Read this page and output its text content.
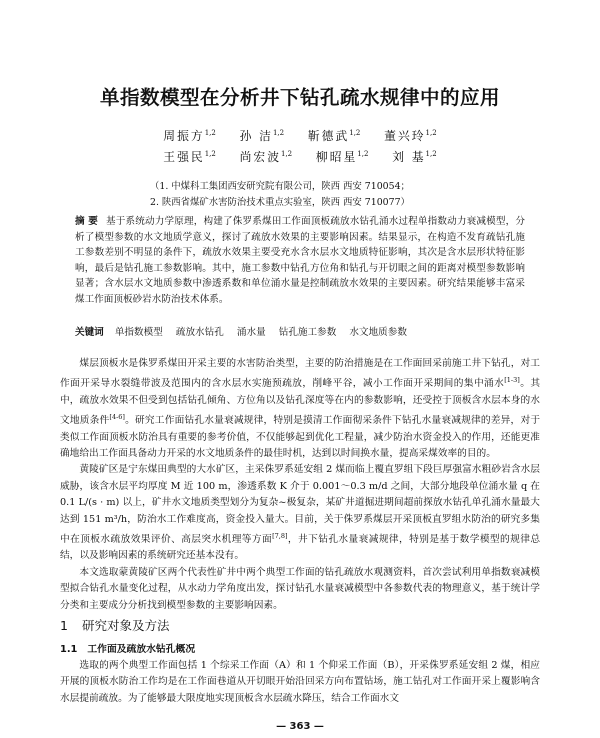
单指数模型在分析井下钻孔疏水规律中的应用
周振方$^{1,2}$ 孙 洁$^{1,2}$ 靳德武$^{1,2}$ 董兴玲$^{1,2}$
王强民$^{1,2}$ 尚宏波$^{1,2}$ 柳昭星$^{1,2}$ 刘 基$^{1,2}$
（1. 中煤科工集团西安研究院有限公司，陕西 西安 710054；
2. 陕西省煤矿水害防治技术重点实验室，陕西 西安 710077）
摘 要 基于系统动力学原理，构建了侏罗系煤田工作面顶板疏放水钻孔涌水过程单指数动力衰减模型，分析了模型参数的水文地质学意义，探讨了疏放水效果的主要影响因素。结果显示，在构造不发育疏钻孔施工参数差别不明显的条件下，疏放水效果主要受充水含水层水文地质特征影响，其次是含水层形状特征影响，最后是钻孔施工参数影响。其中，施工参数中钻孔方位角和钻孔与开切眼之间的距离对模型参数影响显著；含水层水文地质参数中渗透系数和单位涌水量是控制疏放水效果的主要因素。研究结果能够丰富采煤工作面顶板砂岩水防治技术体系。
关键词 单指数模型 疏放水钻孔 涌水量 钻孔施工参数 水文地质参数

煤层顶板水是侏罗系煤田开采主要的水害防治类型，主要的防治措施是在工作面回采前施工井下钻孔，对工作面开采导水裂缝带波及范围内的含水层水实施预疏放，削峰平谷，减小工作面开采期间的集中涌水[1-3]。其中，疏放水效果不但受到包括钻孔倾角、方位角以及钻孔深度等在内的参数影响，还受控于顶板含水层本身的水文地质条件[4-6]。研究工作面钻孔水量衰减规律，特别是摸清工作面彻采条件下钻孔水量衰减规律的差异，对于类似工作面顶板水防治具有重要的参考价值，不仅能够起到优化工程量，减少防治水资金投入的作用，还能更准确地给出工作面具备动力开采的水文地质条件的最佳时机，达到以时间换水量，提高采煤效率的目的。

黄陵矿区是宁东煤田典型的大水矿区，主采侏罗系延安组 2 煤而临上覆直罗组下段巨厚强富水粗砂岩含水层威胁，该含水层平均厚度 M 近 100 m，渗透系数 K 介于 0.001～0.3 m/d 之间，大部分地段单位涌水量 q 在 0.1 L/(s · m) 以上，矿井水文地质类型划分为复杂~极复杂，某矿井道掘进期间超前探放水钻孔单孔涌水量最大达到 151 m³/h，防治水工作难度高，资金投入量大。目前，关于侏罗系煤层开采顶板直罗组水防治的研究多集中在顶板水疏放效果评价、高层突水机理等方面[7,8]，井下钻孔水量衰减规律，特别是基于数学模型的规律总结，以及影响因素的系统研究还基本没有。

本文选取蒙黄陵矿区两个代表性矿井中两个典型工作面的钻孔疏放水观测资料，首次尝试利用单指数衰减模型拟合钻孔水量变化过程，从水动力学角度出发，探讨钻孔水量衰减模型中各参数代表的物理意义，基于统计学分类和主要成分分析找到模型参数的主要影响因素。

1 研究对象及方法
1.1 工作面及疏放水钻孔概况

选取的两个典型工作面包括 1 个综采工作面（A）和 1 个仰采工作面（B），开采侏罗系延安组 2 煤，相应开展的顶板水防治工作均是在工作面巷道从开切眼开始沿回采方向布置钻场，施工钻孔对工作面开采上覆影响含水层提前疏放。为了能够最大限度地实现顶板含水层疏水降压，结合工作面水文

— 363 —
